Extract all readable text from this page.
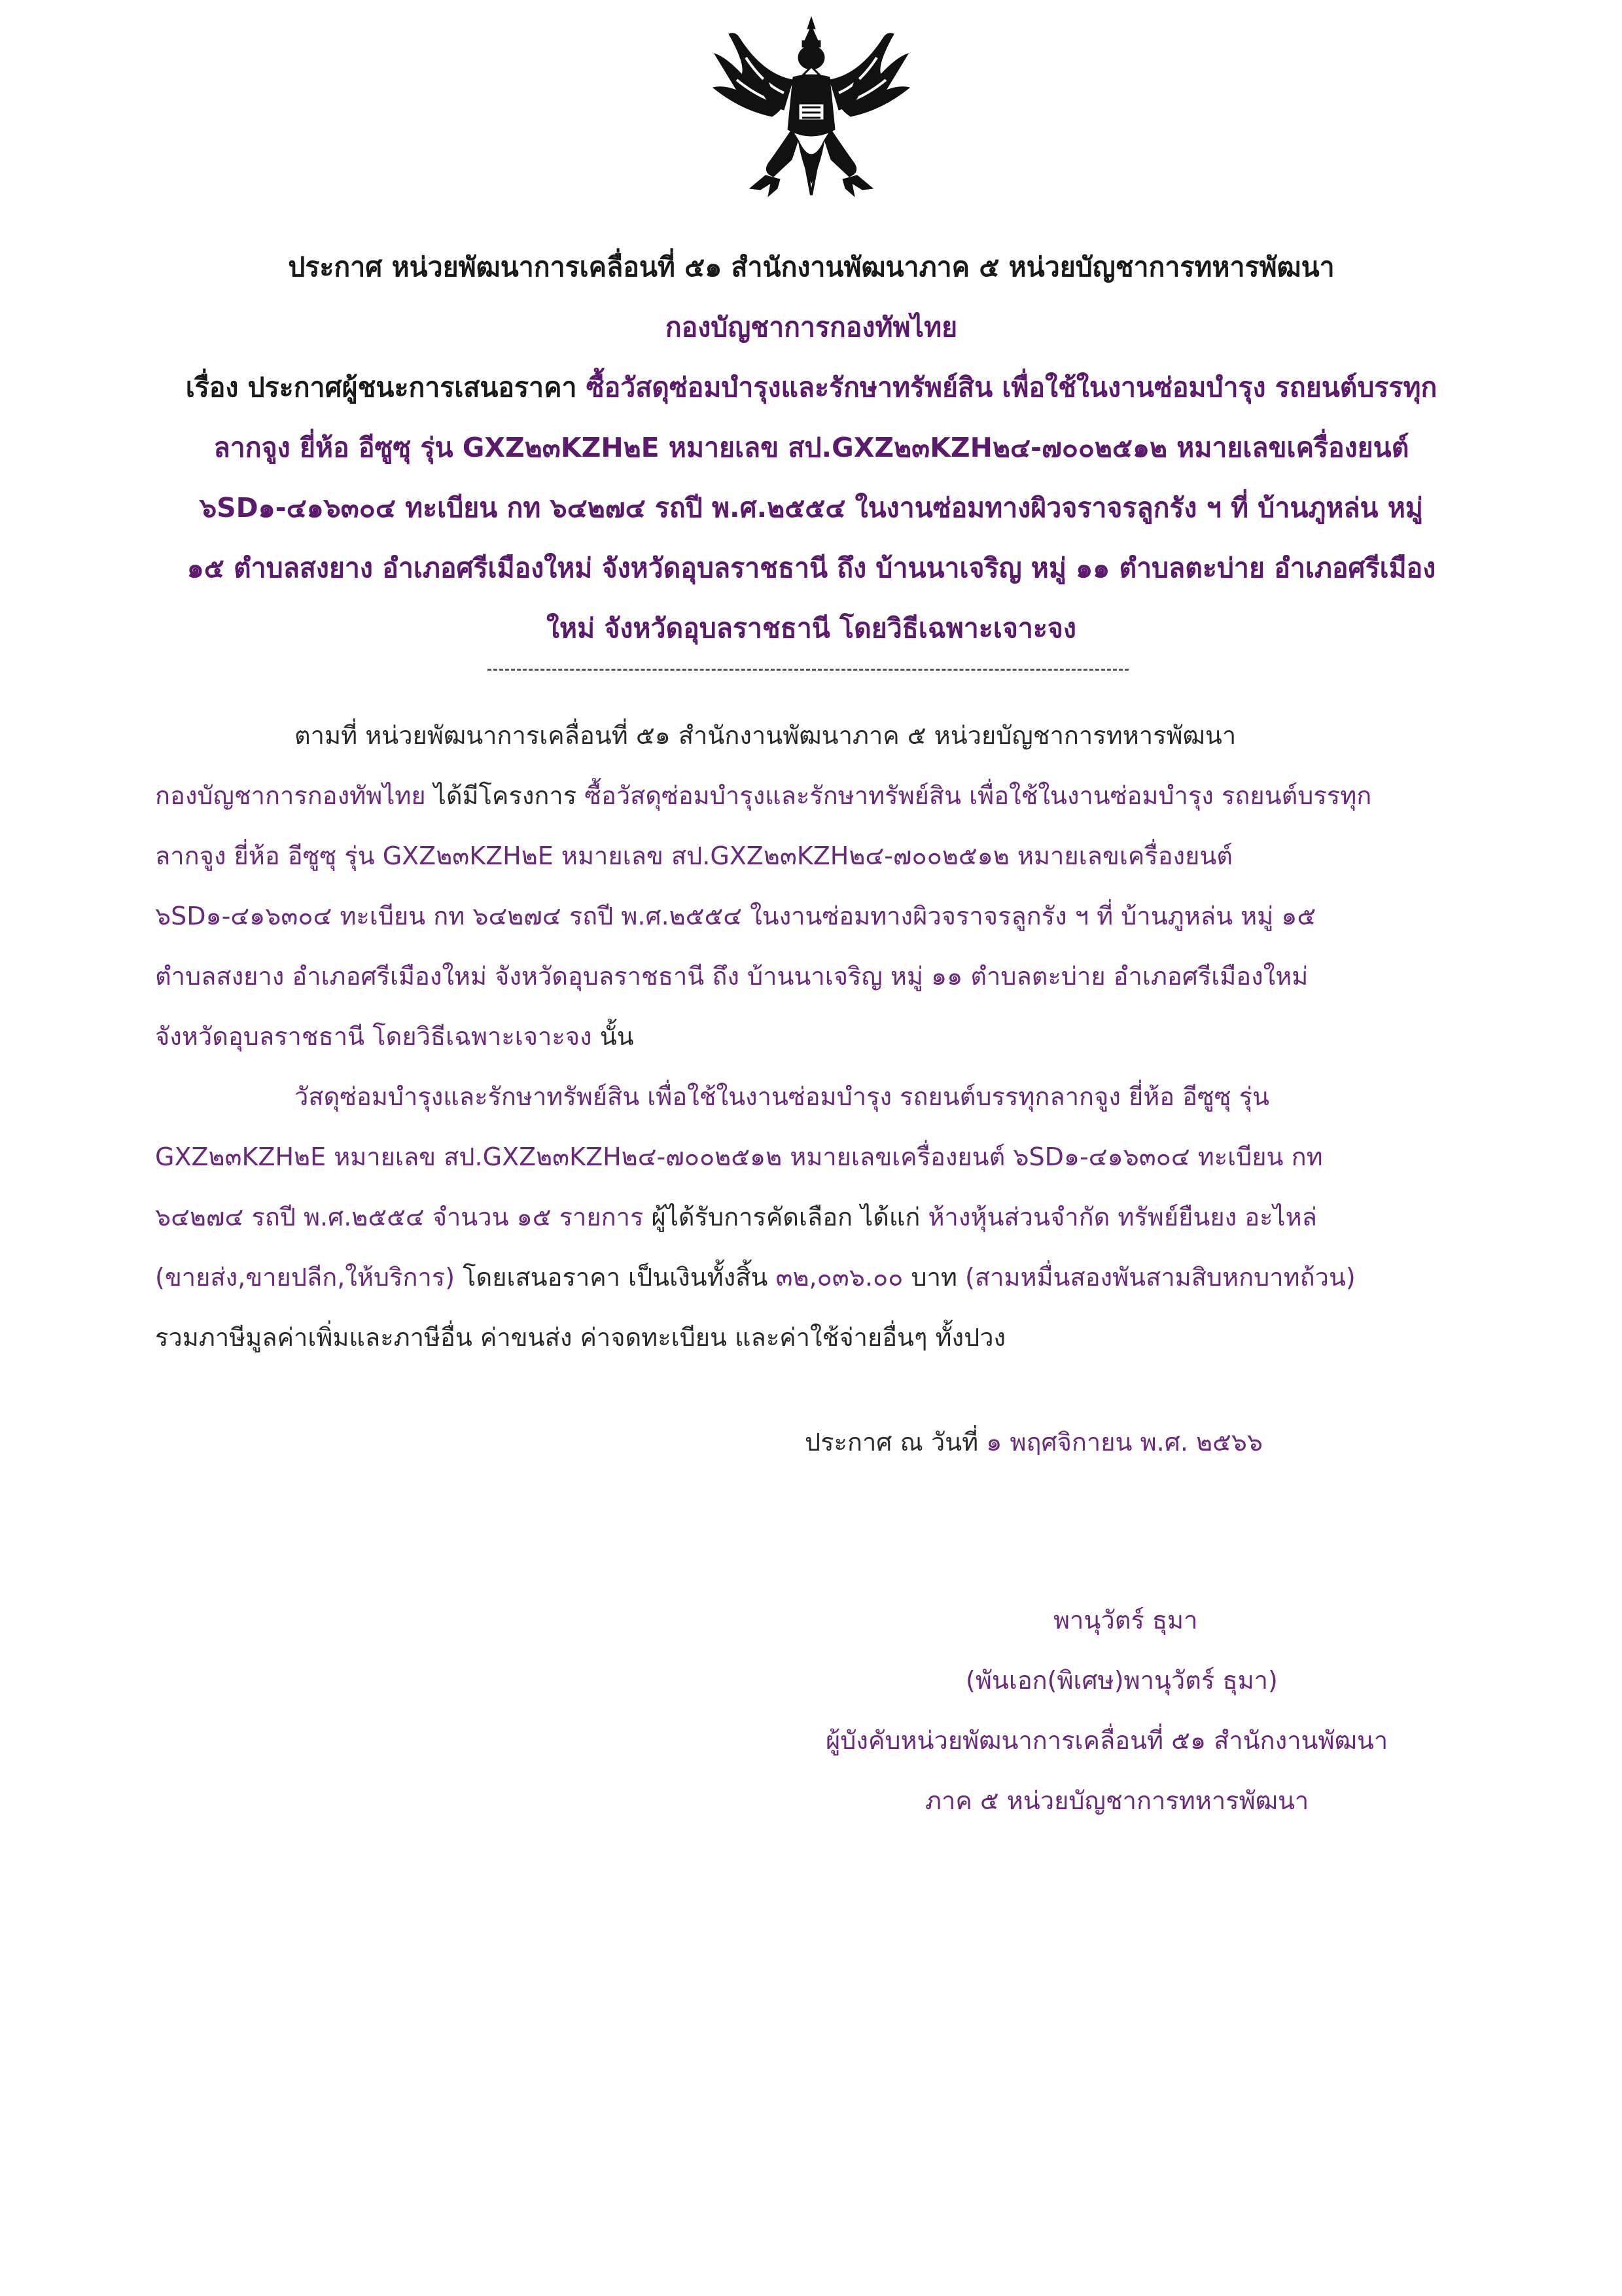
ประกาศ หน่วยพัฒนาการเคลื่อนที่ ๕๑ สำนักงานพัฒนาภาค ๕ หน่วยบัญชาการทหารพัฒนา

กองบัญชาการกองทัพไทย

เรื่อง ประกาศผู้ชนะการเสนอราคา ซื้อวัสดุซ่อมบำรุงและรักษาทรัพย์สิน เพื่อใช้ในงานซ่อมบำรุง รถยนต์บรรทุก

ลากจูง ยี่ห้อ อีซูซุ รุ่น GXZ๒๓KZH๒E หมายเลข สป.GXZ๒๓KZH๒๔-๗๐๐๒๕๑๒ หมายเลขเครื่องยนต์

๖SD๑-๔๑๖๓๐๔ ทะเบียน กท ๖๔๒๗๔ รถปี พ.ศ.๒๕๕๔ ในงานซ่อมทางผิวจราจรลูกรัง ฯ ที่ บ้านภูหล่น หมู่

๑๕ ตำบลสงยาง อำเภอศรีเมืองใหม่ จังหวัดอุบลราชธานี ถึง บ้านนาเจริญ หมู่ ๑๑ ตำบลตะบ่าย อำเภอศรีเมือง

ใหม่ จังหวัดอุบลราชธานี โดยวิธีเฉพาะเจาะจง

ตามที่ หน่วยพัฒนาการเคลื่อนที่ ๕๑ สำนักงานพัฒนาภาค ๕ หน่วยบัญชาการทหารพัฒนา

กองบัญชาการกองทัพไทย ได้มีโครงการ ซื้อวัสดุซ่อมบำรุงและรักษาทรัพย์สิน เพื่อใช้ในงานซ่อมบำรุง รถยนต์บรรทุก

ลากจูง ยี่ห้อ อีซูซุ รุ่น GXZ๒๓KZH๒E หมายเลข สป.GXZ๒๓KZH๒๔-๗๐๐๒๕๑๒ หมายเลขเครื่องยนต์

๖SD๑-๔๑๖๓๐๔ ทะเบียน กท ๖๔๒๗๔ รถปี พ.ศ.๒๕๕๔ ในงานซ่อมทางผิวจราจรลูกรัง ฯ ที่ บ้านภูหล่น หมู่ ๑๕

ตำบลสงยาง อำเภอศรีเมืองใหม่ จังหวัดอุบลราชธานี ถึง บ้านนาเจริญ หมู่ ๑๑ ตำบลตะบ่าย อำเภอศรีเมืองใหม่

จังหวัดอุบลราชธานี โดยวิธีเฉพาะเจาะจง นั้น

วัสดุซ่อมบำรุงและรักษาทรัพย์สิน เพื่อใช้ในงานซ่อมบำรุง รถยนต์บรรทุกลากจูง ยี่ห้อ อีซูซุ รุ่น

GXZ๒๓KZH๒E หมายเลข สป.GXZ๒๓KZH๒๔-๗๐๐๒๕๑๒ หมายเลขเครื่องยนต์ ๖SD๑-๔๑๖๓๐๔ ทะเบียน กท

๖๔๒๗๔ รถปี พ.ศ.๒๕๕๔ จำนวน ๑๕ รายการ ผู้ได้รับการคัดเลือก ได้แก่ ห้างหุ้นส่วนจำกัด ทรัพย์ยืนยง อะไหล่

(ขายส่ง,ขายปลีก,ให้บริการ) โดยเสนอราคา เป็นเงินทั้งสิ้น ๓๒,๐๓๖.๐๐ บาท (สามหมื่นสองพันสามสิบหกบาทถ้วน)

รวมภาษีมูลค่าเพิ่มและภาษีอื่น ค่าขนส่ง ค่าจดทะเบียน และค่าใช้จ่ายอื่นๆ ทั้งปวง

ประกาศ ณ วันที่ ๑ พฤศจิกายน พ.ศ. ๒๕๖๖

พานุวัตร์ ธุมา

(พันเอก(พิเศษ)พานุวัตร์ ธุมา)

ผู้บังคับหน่วยพัฒนาการเคลื่อนที่ ๕๑ สำนักงานพัฒนา

ภาค ๕ หน่วยบัญชาการทหารพัฒนา
